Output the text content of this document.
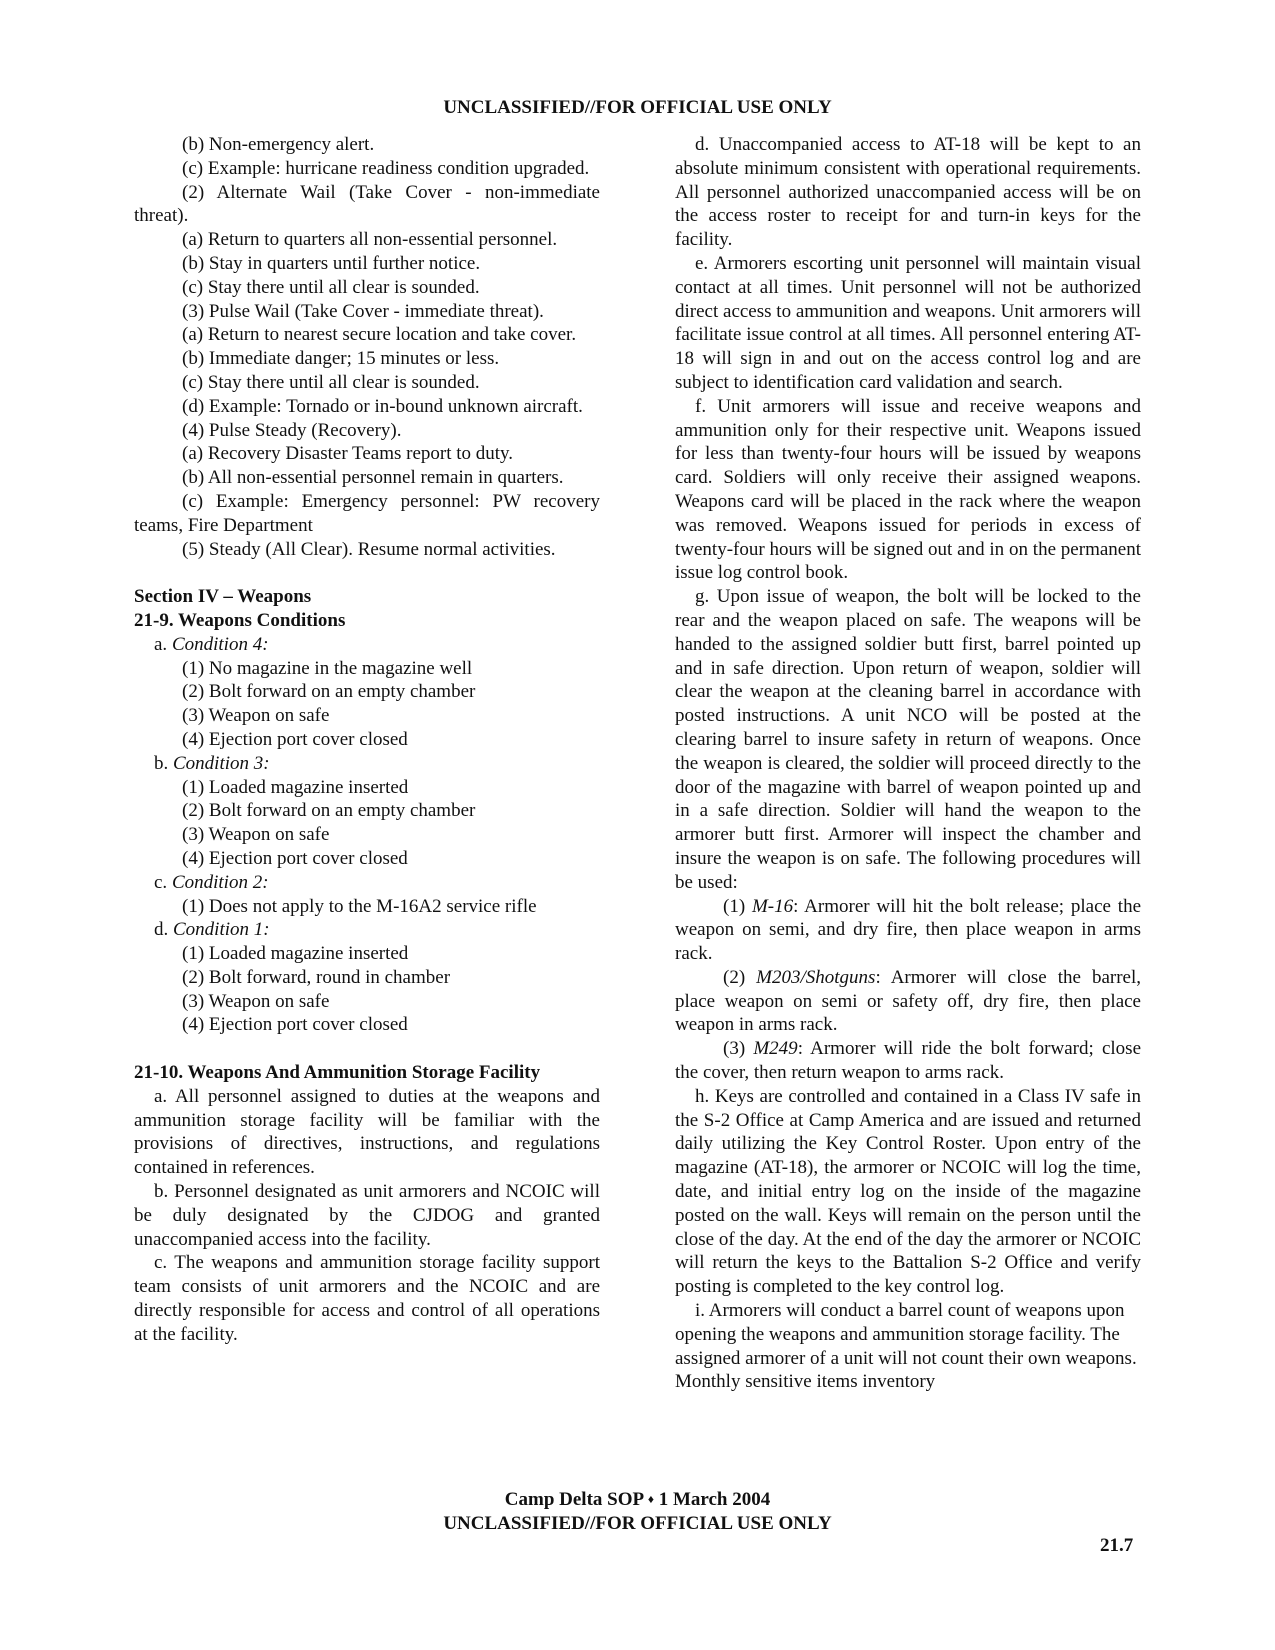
UNCLASSIFIED//FOR OFFICIAL USE ONLY

(b) Non-emergency alert.

(c) Example: hurricane readiness condition upgraded.

(2) Alternate Wail (Take Cover - non-immediate threat).

(a) Return to quarters all non-essential personnel.

(b) Stay in quarters until further notice.

(c) Stay there until all clear is sounded.

(3) Pulse Wail (Take Cover - immediate threat).

(a) Return to nearest secure location and take cover.

(b) Immediate danger; 15 minutes or less.

(c) Stay there until all clear is sounded.

(d) Example: Tornado or in-bound unknown aircraft.

(4) Pulse Steady (Recovery).

(a) Recovery Disaster Teams report to duty.

(b) All non-essential personnel remain in quarters.

(c) Example: Emergency personnel: PW recovery teams, Fire Department

(5) Steady (All Clear). Resume normal activities.

Section IV – Weapons

21-9. Weapons Conditions

a. Condition 4:

(1) No magazine in the magazine well

(2) Bolt forward on an empty chamber

(3) Weapon on safe

(4) Ejection port cover closed

b. Condition 3:

(1) Loaded magazine inserted

(2) Bolt forward on an empty chamber

(3) Weapon on safe

(4) Ejection port cover closed

c. Condition 2:

(1) Does not apply to the M-16A2 service rifle

d. Condition 1:

(1) Loaded magazine inserted

(2) Bolt forward, round in chamber

(3) Weapon on safe

(4) Ejection port cover closed

21-10. Weapons And Ammunition Storage Facility

a. All personnel assigned to duties at the weapons and ammunition storage facility will be familiar with the provisions of directives, instructions, and regulations contained in references.

b. Personnel designated as unit armorers and NCOIC will be duly designated by the CJDOG and granted unaccompanied access into the facility.

c. The weapons and ammunition storage facility support team consists of unit armorers and the NCOIC and are directly responsible for access and control of all operations at the facility.

d. Unaccompanied access to AT-18 will be kept to an absolute minimum consistent with operational requirements. All personnel authorized unaccompanied access will be on the access roster to receipt for and turn-in keys for the facility.

e. Armorers escorting unit personnel will maintain visual contact at all times. Unit personnel will not be authorized direct access to ammunition and weapons. Unit armorers will facilitate issue control at all times. All personnel entering AT-18 will sign in and out on the access control log and are subject to identification card validation and search.

f. Unit armorers will issue and receive weapons and ammunition only for their respective unit. Weapons issued for less than twenty-four hours will be issued by weapons card. Soldiers will only receive their assigned weapons. Weapons card will be placed in the rack where the weapon was removed. Weapons issued for periods in excess of twenty-four hours will be signed out and in on the permanent issue log control book.

g. Upon issue of weapon, the bolt will be locked to the rear and the weapon placed on safe. The weapons will be handed to the assigned soldier butt first, barrel pointed up and in safe direction. Upon return of weapon, soldier will clear the weapon at the cleaning barrel in accordance with posted instructions. A unit NCO will be posted at the clearing barrel to insure safety in return of weapons. Once the weapon is cleared, the soldier will proceed directly to the door of the magazine with barrel of weapon pointed up and in a safe direction. Soldier will hand the weapon to the armorer butt first. Armorer will inspect the chamber and insure the weapon is on safe. The following procedures will be used:

(1) M-16: Armorer will hit the bolt release; place the weapon on semi, and dry fire, then place weapon in arms rack.

(2) M203/Shotguns: Armorer will close the barrel, place weapon on semi or safety off, dry fire, then place weapon in arms rack.

(3) M249: Armorer will ride the bolt forward; close the cover, then return weapon to arms rack.

h. Keys are controlled and contained in a Class IV safe in the S-2 Office at Camp America and are issued and returned daily utilizing the Key Control Roster. Upon entry of the magazine (AT-18), the armorer or NCOIC will log the time, date, and initial entry log on the inside of the magazine posted on the wall. Keys will remain on the person until the close of the day. At the end of the day the armorer or NCOIC will return the keys to the Battalion S-2 Office and verify posting is completed to the key control log.

i. Armorers will conduct a barrel count of weapons upon opening the weapons and ammunition storage facility. The assigned armorer of a unit will not count their own weapons. Monthly sensitive items inventory

Camp Delta SOP ♦ 1 March 2004
UNCLASSIFIED//FOR OFFICIAL USE ONLY
21.7
